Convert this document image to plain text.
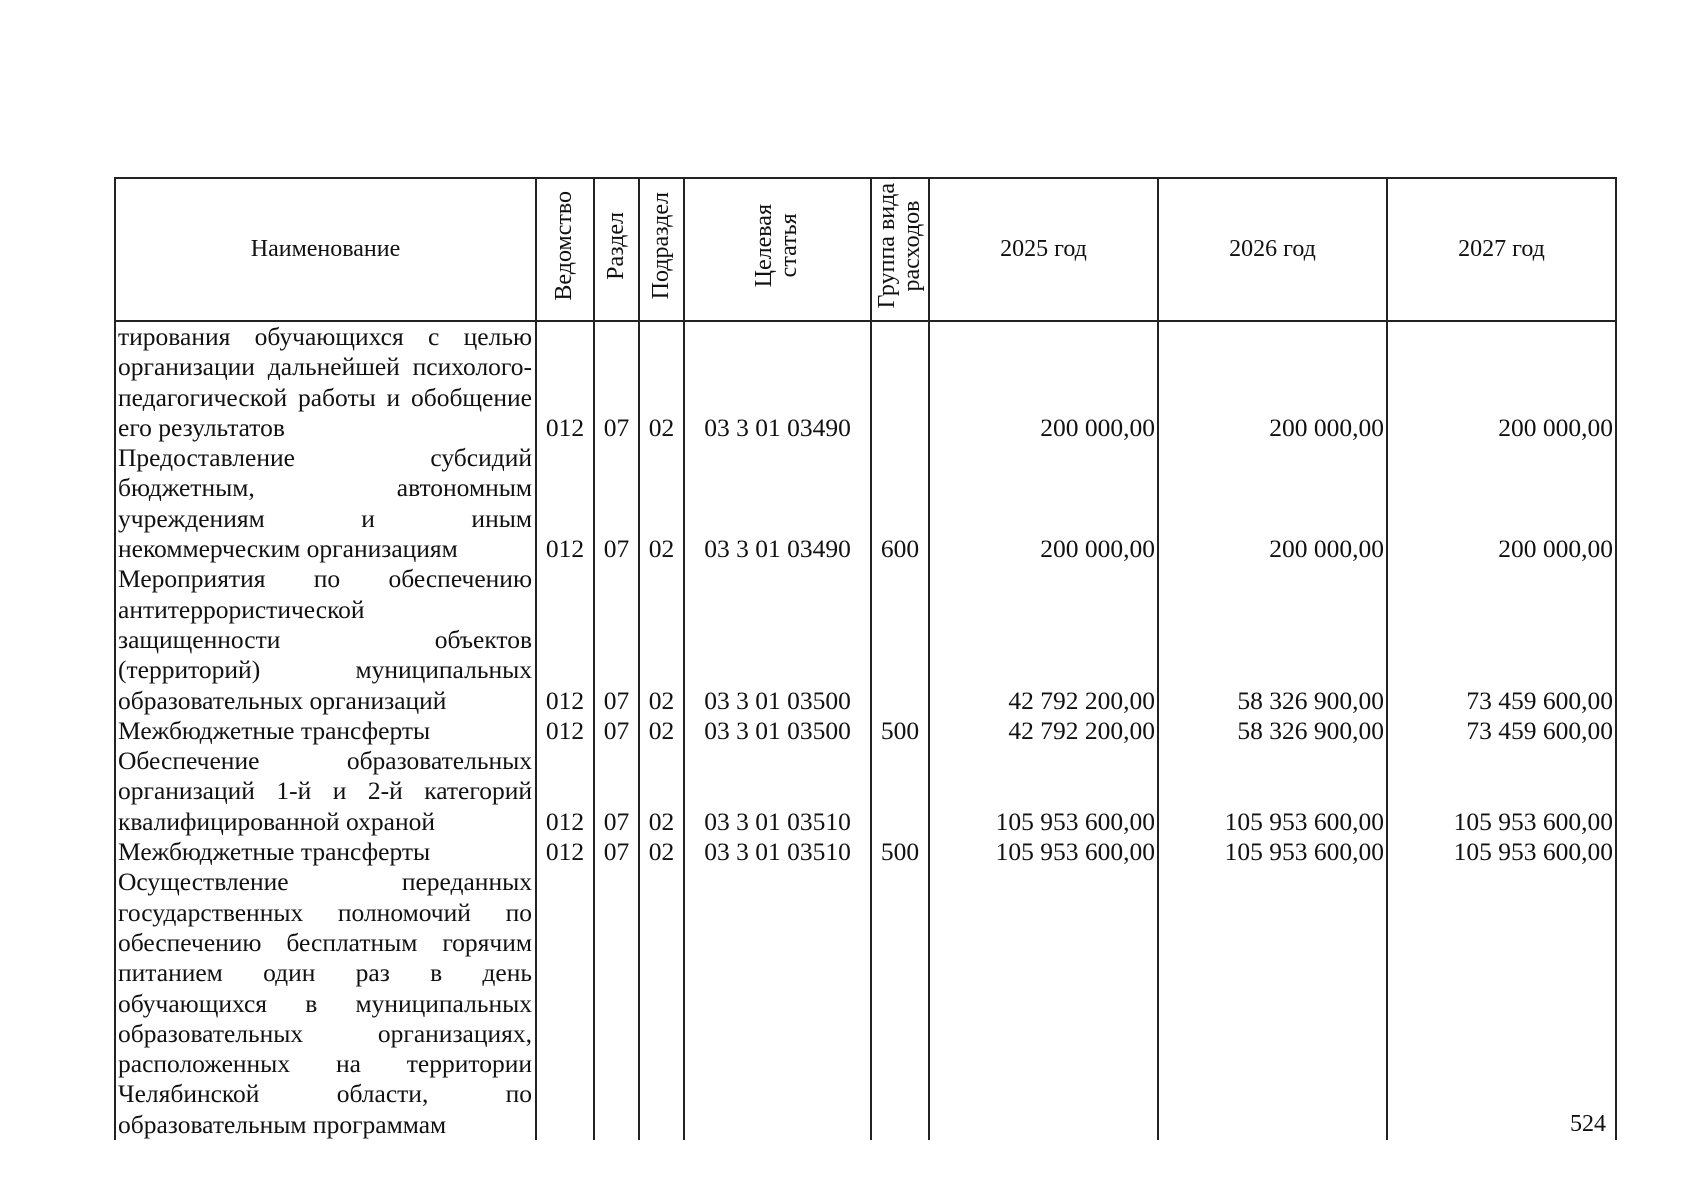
Наименование	Ведомство	Раздел	Подраздел	Целевая
статья	Группа вида
расходов	2025 год	2026 год	2027 год
тирования обучающихся с целью организации дальнейшей психолого-педагогической работы и обобщение его результатов	012	07	02	03 3 01 03490		200 000,00	200 000,00	200 000,00
Предоставление субсидий бюджетным, автономным учреждениям и иным некоммерческим организациям	012	07	02	03 3 01 03490	600	200 000,00	200 000,00	200 000,00
Мероприятия по обеспечению антитеррористической защищенности объектов (территорий) муниципальных образовательных организаций	012	07	02	03 3 01 03500		42 792 200,00	58 326 900,00	73 459 600,00
Межбюджетные трансферты	012	07	02	03 3 01 03500	500	42 792 200,00	58 326 900,00	73 459 600,00
Обеспечение образовательных организаций 1-й и 2-й категорий квалифицированной охраной	012	07	02	03 3 01 03510		105 953 600,00	105 953 600,00	105 953 600,00
Межбюджетные трансферты	012	07	02	03 3 01 03510	500	105 953 600,00	105 953 600,00	105 953 600,00
Осуществление переданных государственных полномочий по обеспечению бесплатным горячим питанием один раз в день обучающихся в муниципальных образовательных организациях, расположенных на территории Челябинской области, по образовательным программам									524
